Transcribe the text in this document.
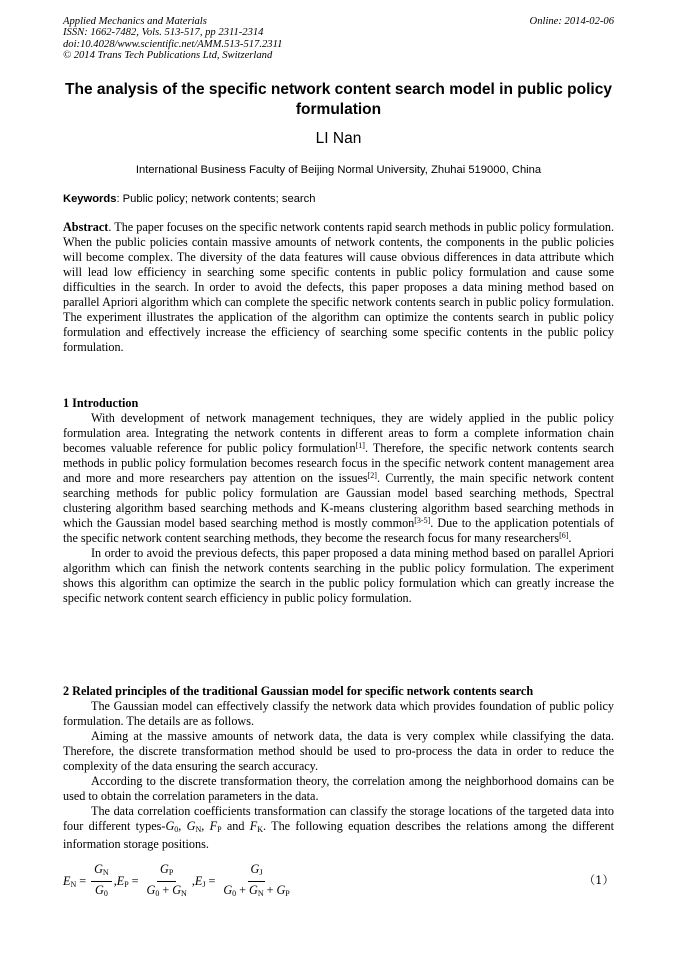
Applied Mechanics and Materials
ISSN: 1662-7482, Vols. 513-517, pp 2311-2314
doi:10.4028/www.scientific.net/AMM.513-517.2311
© 2014 Trans Tech Publications Ltd, Switzerland
Online: 2014-02-06
The analysis of the specific network content search model in public policy formulation
LI Nan
International Business Faculty of Beijing Normal University, Zhuhai 519000, China
Keywords: Public policy; network contents; search

Abstract. The paper focuses on the specific network contents rapid search methods in public policy formulation. When the public policies contain massive amounts of network contents, the components in the public policies will become complex. The diversity of the data features will cause obvious differences in data attribute which will lead low efficiency in searching some specific contents in public policy formulation and cause some difficulties in the search. In order to avoid the defects, this paper proposes a data mining method based on parallel Apriori algorithm which can complete the specific network contents search in public policy formulation. The experiment illustrates the application of the algorithm can optimize the contents search in public policy formulation and effectively increase the efficiency of searching some specific contents in the public policy formulation.

1 Introduction

With development of network management techniques, they are widely applied in the public policy formulation area. Integrating the network contents in different areas to form a complete information chain becomes valuable reference for public policy formulation[1]. Therefore, the specific network contents search methods in public policy formulation becomes research focus in the specific network content management area and more and more researchers pay attention on the issues[2]. Currently, the main specific network content searching methods for public policy formulation are Gaussian model based searching methods, Spectral clustering algorithm based searching methods and K-means clustering algorithm based searching methods in which the Gaussian model based searching method is mostly common[3-5]. Due to the application potentials of the specific network content searching methods, they become the research focus for many researchers[6].

In order to avoid the previous defects, this paper proposed a data mining method based on parallel Apriori algorithm which can finish the network contents searching in the public policy formulation. The experiment shows this algorithm can optimize the search in the public policy formulation which can greatly increase the specific network content search efficiency in public policy formulation.

2 Related principles of the traditional Gaussian model for specific network contents search

The Gaussian model can effectively classify the network data which provides foundation of public policy formulation. The details are as follows.

Aiming at the massive amounts of network data, the data is very complex while classifying the data. Therefore, the discrete transformation method should be used to pro-process the data in order to reduce the complexity of the data ensuring the search accuracy.

According to the discrete transformation theory, the correlation among the neighborhood domains can be used to obtain the correlation parameters in the data.

The data correlation coefficients transformation can classify the storage locations of the targeted data into four different types-G0, GN, FP and FK. The following equation describes the relations among the different information storage positions.

EN = $\frac{GN}{G0}$ , EP = $\frac{GP}{G0 + GN}$ , EJ = $\frac{GJ}{G0 + GN + GP}$	（1）
